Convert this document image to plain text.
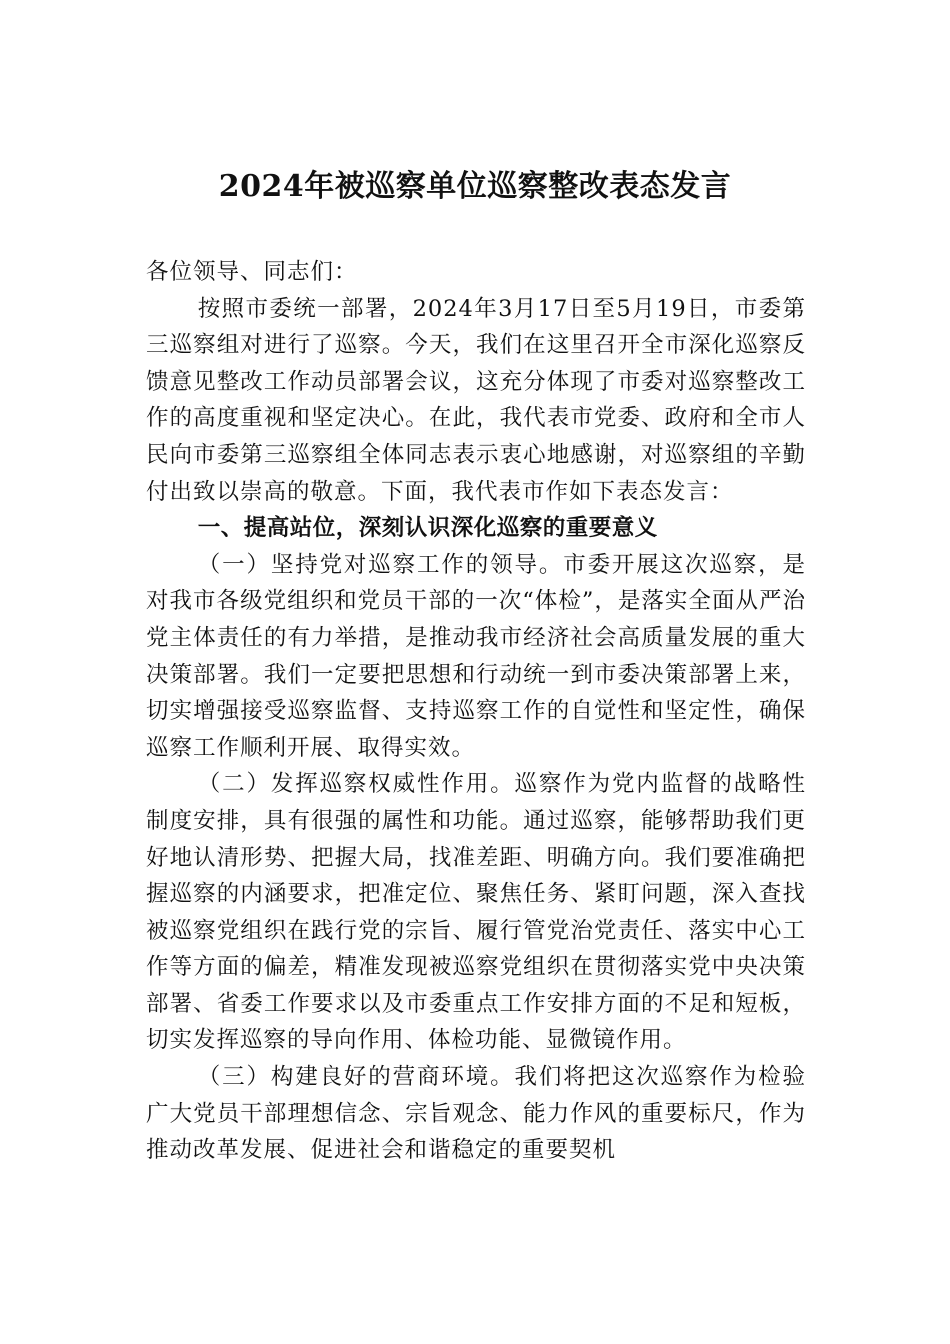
2024年被巡察单位巡察整改表态发言

各位领导、同志们：

按照市委统一部署，2024年3月17日至5月19日，市委第三巡察组对进行了巡察。今天，我们在这里召开全市深化巡察反馈意见整改工作动员部署会议，这充分体现了市委对巡察整改工作的高度重视和坚定决心。在此，我代表市党委、政府和全市人民向市委第三巡察组全体同志表示衷心地感谢，对巡察组的辛勤付出致以崇高的敬意。下面，我代表市作如下表态发言：

一、提高站位，深刻认识深化巡察的重要意义

（一）坚持党对巡察工作的领导。市委开展这次巡察，是对我市各级党组织和党员干部的一次“体检”，是落实全面从严治党主体责任的有力举措，是推动我市经济社会高质量发展的重大决策部署。我们一定要把思想和行动统一到市委决策部署上来，切实增强接受巡察监督、支持巡察工作的自觉性和坚定性，确保巡察工作顺利开展、取得实效。

（二）发挥巡察权威性作用。巡察作为党内监督的战略性制度安排，具有很强的属性和功能。通过巡察，能够帮助我们更好地认清形势、把握大局，找准差距、明确方向。我们要准确把握巡察的内涵要求，把准定位、聚焦任务、紧盯问题，深入查找被巡察党组织在践行党的宗旨、履行管党治党责任、落实中心工作等方面的偏差，精准发现被巡察党组织在贯彻落实党中央决策部署、省委工作要求以及市委重点工作安排方面的不足和短板，切实发挥巡察的导向作用、体检功能、显微镜作用。

（三）构建良好的营商环境。我们将把这次巡察作为检验广大党员干部理想信念、宗旨观念、能力作风的重要标尺，作为推动改革发展、促进社会和谐稳定的重要契机
